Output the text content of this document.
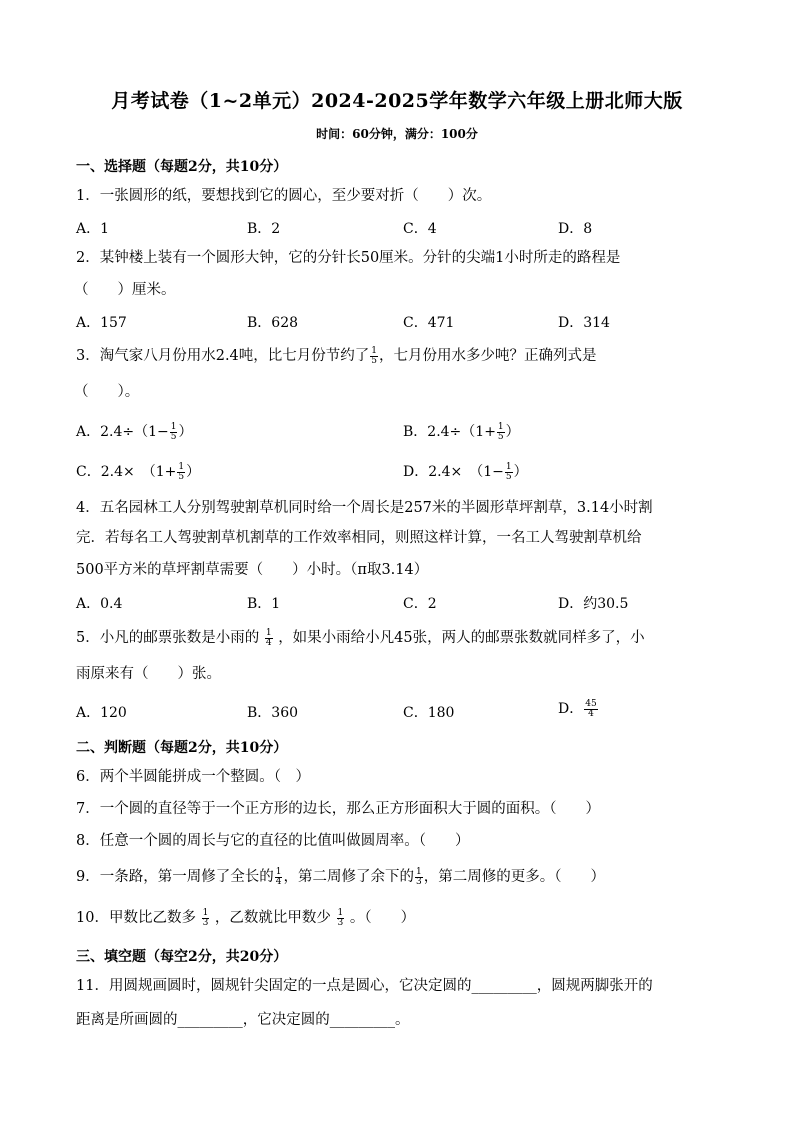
月考试卷（1~2单元）2024-2025学年数学六年级上册北师大版
时间：60分钟，满分：100分
一、选择题（每题2分，共10分）
1．一张圆形的纸，要想找到它的圆心，至少要对折（　　）次。
A．1	B．2	C．4	D．8
2．某钟楼上装有一个圆形大钟，它的分针长50厘米。分针的尖端1小时所走的路程是
（　　）厘米。
A．157	B．628	C．471	D．314
3．淘气家八月份用水2.4吨，比七月份节约了 $\frac{1}{5}$ ，七月份用水多少吨？正确列式是
（　　）。
A．$2.4\div(1- \frac{1}{5}$ ）	B．$2.4\div(1+ \frac{1}{5}$ ）
C．2.4×　（$1+ \frac{1}{5}$ ）	D．2.4×　（$1- \frac{1}{5}$ ）
4．五名园林工人分别驾驶割草机同时给一个周长是257米的半圆形草坪割草，3.14小时割
完．若每名工人驾驶割草机割草的工作效率相同，则照这样计算，一名工人驾驶割草机给
500平方米的草坪割草需要（　　）小时。（π取3.14）
A．0.4	B．1	C．2	D．约30.5
5．小凡的邮票张数是小雨的 $\frac{1}{4}$ ，如果小雨给小凡45张，两人的邮票张数就同样多了，小
雨原来有（　　）张。
A．120	B．360	C．180	D． $\frac{45}{4}$
二、判断题（每题2分，共10分）
6．两个半圆能拼成一个整圆。（　）
7．一个圆的直径等于一个正方形的边长，那么正方形面积大于圆的面积。（　　）
8．任意一个圆的周长与它的直径的比值叫做圆周率。（　　）
9．一条路，第一周修了全长的 $\frac{1}{4}$ ，第二周修了余下的 $\frac{1}{3}$ ，第二周修的更多。（　　）
10．甲数比乙数多 $\frac{1}{3}$ ，乙数就比甲数少 $\frac{1}{3}$ 。（　　）
三、填空题（每空2分，共20分）
11．用圆规画圆时，圆规针尖固定的一点是圆心，它决定圆的_________，圆规两脚张开的
距离是所画圆的_________，它决定圆的_________。
